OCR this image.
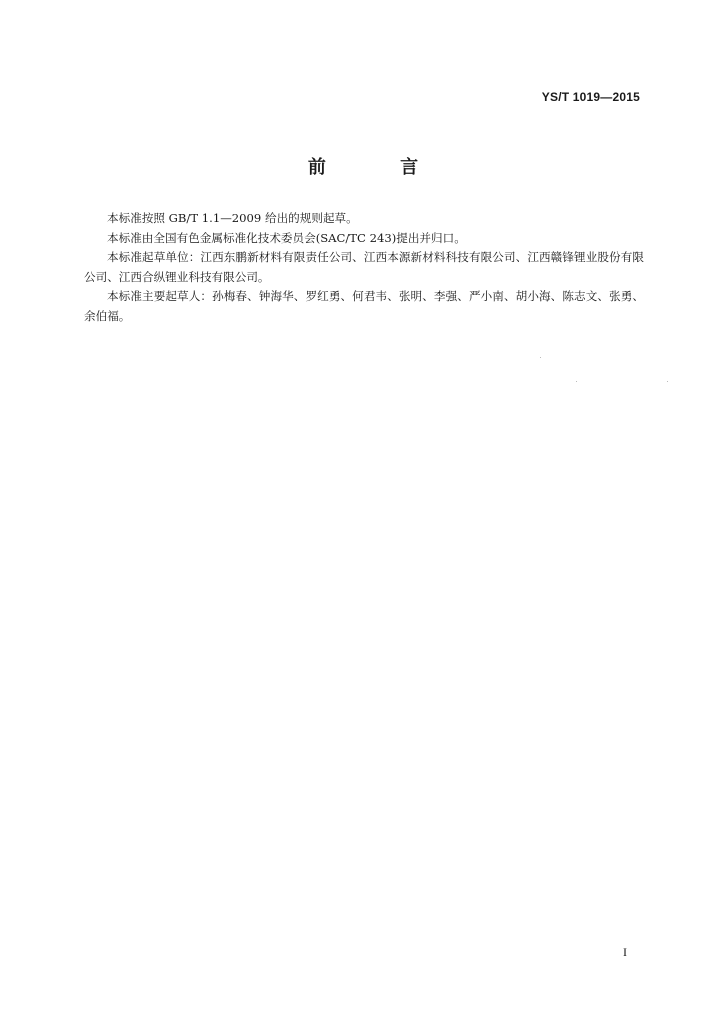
YS/T 1019—2015
前 言

本标准按照 GB/T 1.1—2009 给出的规则起草。

本标准由全国有色金属标准化技术委员会(SAC/TC 243)提出并归口。

本标准起草单位：江西东鹏新材料有限责任公司、江西本源新材料科技有限公司、江西赣锋锂业股份有限公司、江西合纵锂业科技有限公司。

本标准主要起草人：孙梅春、钟海华、罗红勇、何君韦、张明、李强、严小南、胡小海、陈志文、张勇、余伯福。

I
